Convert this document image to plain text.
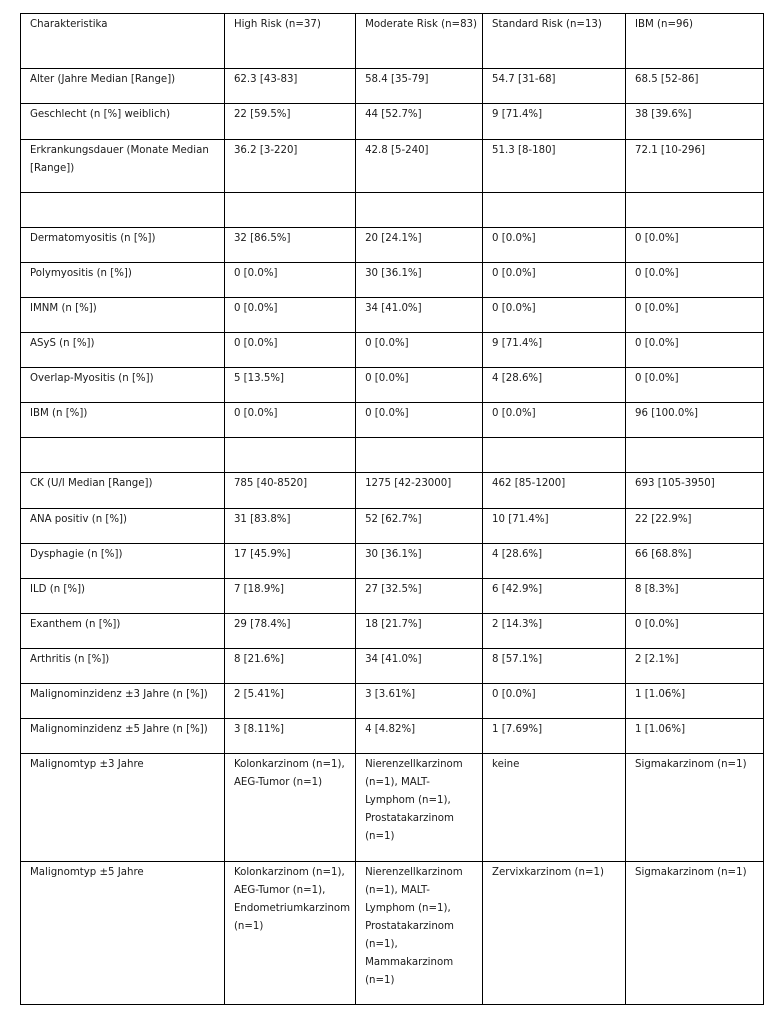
Charakteristika	High Risk (n=37)	Moderate Risk (n=83)	Standard Risk (n=13)	IBM (n=96)
Alter (Jahre Median [Range])	62.3 [43-83]	58.4 [35-79]	54.7 [31-68]	68.5 [52-86]
Geschlecht (n [%] weiblich)	22 [59.5%]	44 [52.7%]	9 [71.4%]	38 [39.6%]
Erkrankungsdauer (Monate Median [Range])	36.2 [3-220]	42.8 [5-240]	51.3 [8-180]	72.1 [10-296]

Dermatomyositis (n [%])	32 [86.5%]	20 [24.1%]	0 [0.0%]	0 [0.0%]
Polymyositis (n [%])	0 [0.0%]	30 [36.1%]	0 [0.0%]	0 [0.0%]
IMNM (n [%])	0 [0.0%]	34 [41.0%]	0 [0.0%]	0 [0.0%]
ASyS (n [%])	0 [0.0%]	0 [0.0%]	9 [71.4%]	0 [0.0%]
Overlap-Myositis (n [%])	5 [13.5%]	0 [0.0%]	4 [28.6%]	0 [0.0%]
IBM (n [%])	0 [0.0%]	0 [0.0%]	0 [0.0%]	96 [100.0%]

CK (U/l Median [Range])	785 [40-8520]	1275 [42-23000]	462 [85-1200]	693 [105-3950]
ANA positiv (n [%])	31 [83.8%]	52 [62.7%]	10 [71.4%]	22 [22.9%]
Dysphagie (n [%])	17 [45.9%]	30 [36.1%]	4 [28.6%]	66 [68.8%]
ILD (n [%])	7 [18.9%]	27 [32.5%]	6 [42.9%]	8 [8.3%]
Exanthem (n [%])	29 [78.4%]	18 [21.7%]	2 [14.3%]	0 [0.0%]
Arthritis (n [%])	8 [21.6%]	34 [41.0%]	8 [57.1%]	2 [2.1%]
Malignominzidenz ±3 Jahre (n [%])	2 [5.41%]	3 [3.61%]	0 [0.0%]	1 [1.06%]
Malignominzidenz ±5 Jahre (n [%])	3 [8.11%]	4 [4.82%]	1 [7.69%]	1 [1.06%]
Malignomtyp ±3 Jahre	Kolonkarzinom (n=1), AEG-Tumor (n=1)	Nierenzellkarzinom (n=1), MALT-Lymphom (n=1), Prostatakarzinom (n=1)	keine	Sigmakarzinom (n=1)
Malignomtyp ±5 Jahre	Kolonkarzinom (n=1), AEG-Tumor (n=1), Endometriumkarzinom (n=1)	Nierenzellkarzinom (n=1), MALT-Lymphom (n=1), Prostatakarzinom (n=1), Mammakarzinom (n=1)	Zervixkarzinom (n=1)	Sigmakarzinom (n=1)
